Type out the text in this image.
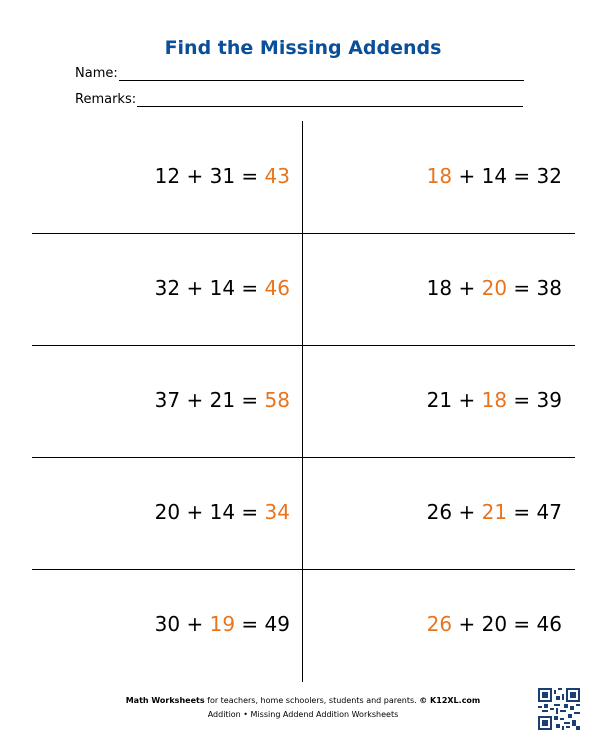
Find the Missing Addends
Name:
Remarks:
12 + 31 = 43	18 + 14 = 32
32 + 14 = 46	18 + 20 = 38
37 + 21 = 58	21 + 18 = 39
20 + 14 = 34	26 + 21 = 47
30 + 19 = 49	26 + 20 = 46
Math Worksheets for teachers, home schoolers, students and parents. © K12XL.com
Addition • Missing Addend Addition Worksheets
